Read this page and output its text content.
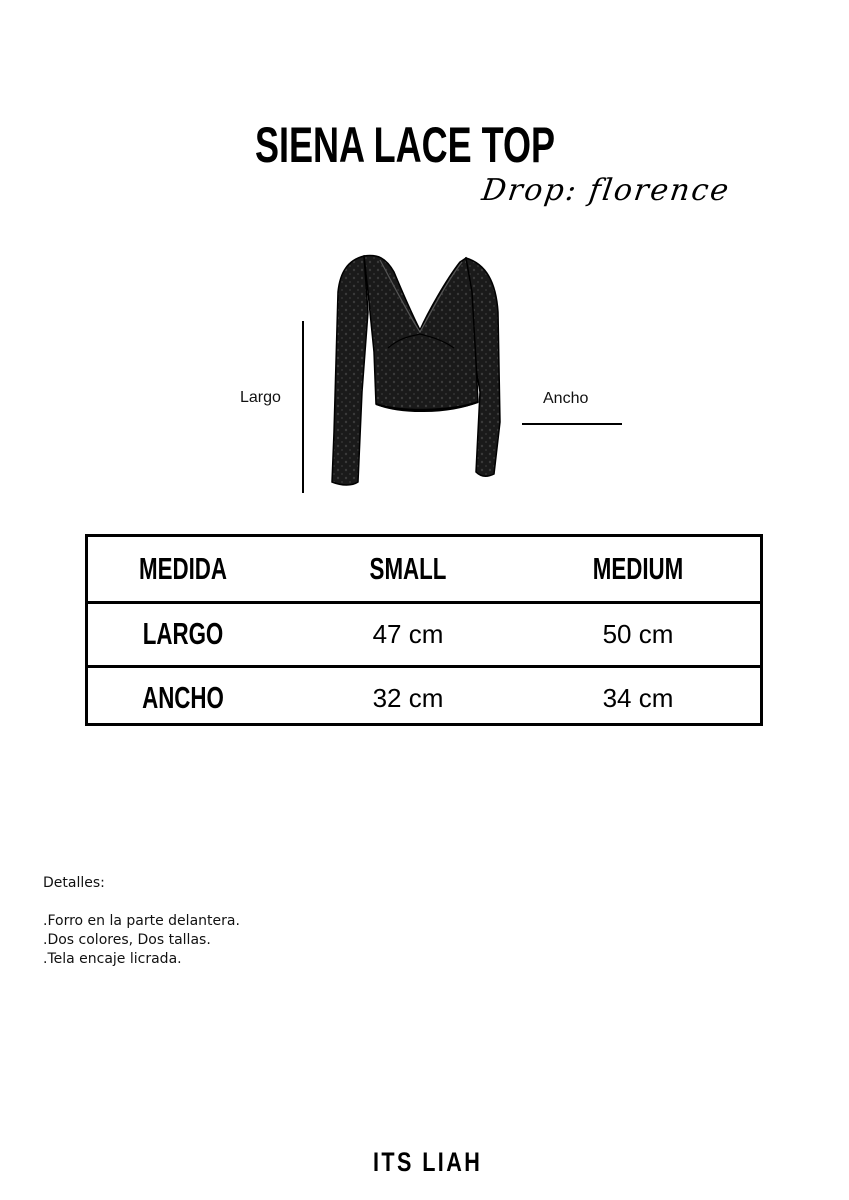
SIENA LACE TOP
Drop: florence
Largo	Ancho
MEDIDA	SMALL	MEDIUM
LARGO	47 cm	50 cm
ANCHO	32 cm	34 cm
Detalles:
.Forro en la parte delantera.
.Dos colores, Dos tallas.
.Tela encaje licrada.
ITS LIAH
